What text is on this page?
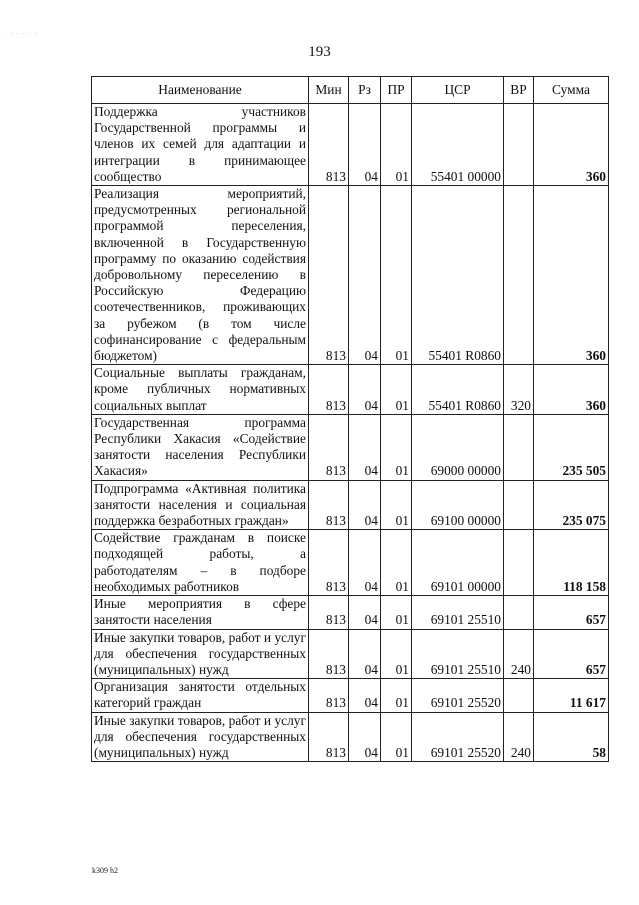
· · · · · ·
193
Наименование	Мин	Рз	ПР	ЦСР	ВР	Сумма
Поддержка участников Государственной программы и членов их семей для адаптации и интеграции в принимающее сообщество	813	04	01	55401 00000		360
Реализация мероприятий, предусмотренных региональной программой переселения, включенной в Государственную программу по оказанию содействия добровольному переселению в Российскую Федерацию соотечественников, проживающих за рубежом (в том числе софинансирование с федеральным бюджетом)	813	04	01	55401 R0860		360
Социальные выплаты гражданам, кроме публичных нормативных социальных выплат	813	04	01	55401 R0860	320	360
Государственная программа Республики Хакасия «Содействие занятости населения Республики Хакасия»	813	04	01	69000 00000		235 505
Подпрограмма «Активная политика занятости населения и социальная поддержка безработных граждан»	813	04	01	69100 00000		235 075
Содействие гражданам в поиске подходящей работы, а работодателям – в подборе необходимых работников	813	04	01	69101 00000		118 158
Иные мероприятия в сфере занятости населения	813	04	01	69101 25510		657
Иные закупки товаров, работ и услуг для обеспечения государственных (муниципальных) нужд	813	04	01	69101 25510	240	657
Организация занятости отдельных категорий граждан	813	04	01	69101 25520		11 617
Иные закупки товаров, работ и услуг для обеспечения государственных (муниципальных) нужд	813	04	01	69101 25520	240	58
k309 h2
